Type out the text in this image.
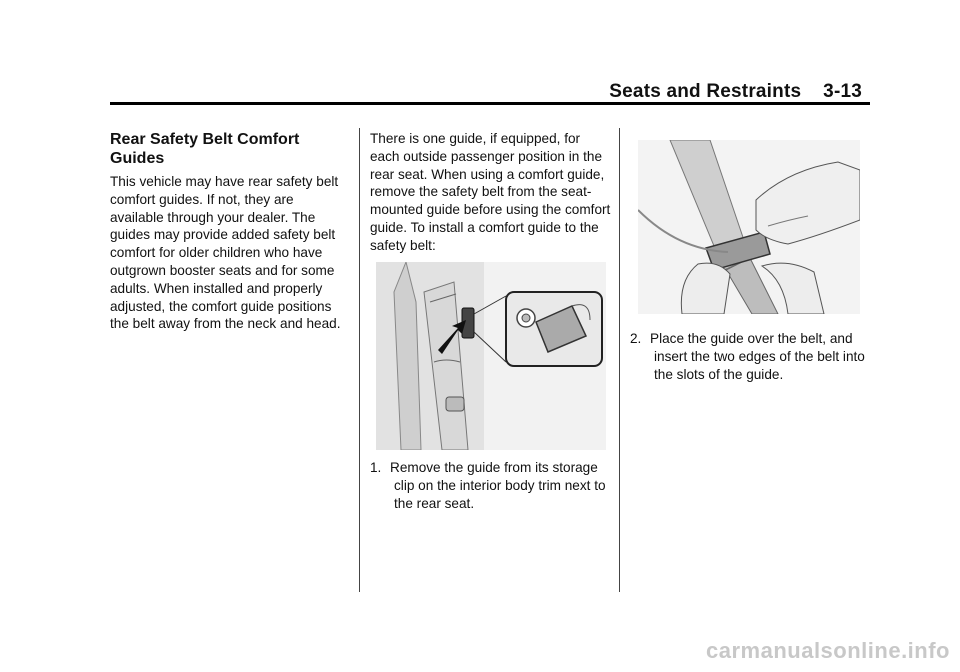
Seats and Restraints    3-13
Rear Safety Belt Comfort Guides

This vehicle may have rear safety belt comfort guides. If not, they are available through your dealer. The guides may provide added safety belt comfort for older children who have outgrown booster seats and for some adults. When installed and properly adjusted, the comfort guide positions the belt away from the neck and head.

There is one guide, if equipped, for each outside passenger position in the rear seat. When using a comfort guide, remove the safety belt from the seat-mounted guide before using the comfort guide. To install a comfort guide to the safety belt:

1. Remove the guide from its storage clip on the interior body trim next to the rear seat.
2. Place the guide over the belt, and insert the two edges of the belt into the slots of the guide.
carmanualsonline.info
